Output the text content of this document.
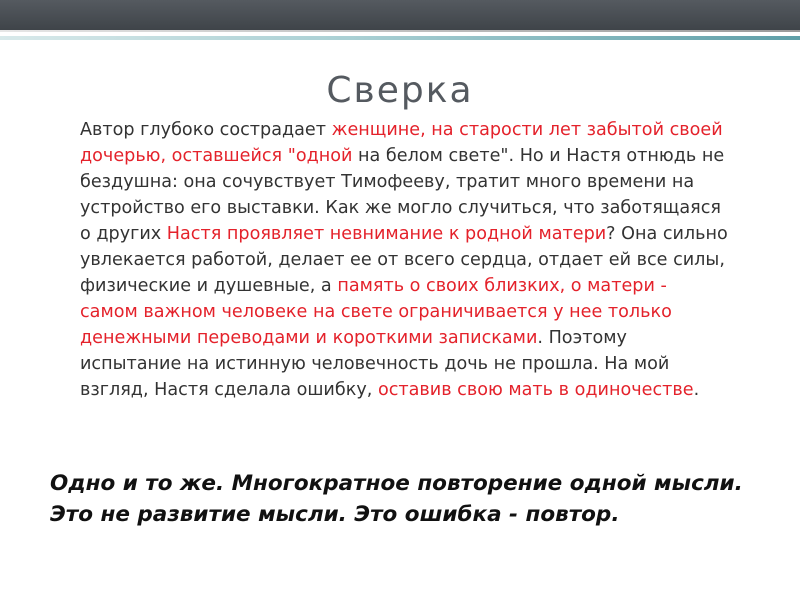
Сверка
Автор глубоко сострадает женщине, на старости лет забытой своей дочерью, оставшейся "одной на белом свете". Но и Настя отнюдь не бездушна: она сочувствует Тимофееву, тратит много времени на устройство его выставки. Как же могло случиться, что заботящаяся о других Настя проявляет невнимание к родной матери? Она сильно увлекается работой, делает ее от всего сердца, отдает ей все силы, физические и душевные, а память о своих близких, о матери - самом важном человеке на свете ограничивается у нее только денежными переводами и короткими записками. Поэтому испытание на истинную человечность дочь не прошла. На мой взгляд, Настя сделала ошибку, оставив свою мать в одиночестве.
Одно и то же. Многократное повторение одной мысли. Это не развитие мысли. Это ошибка - повтор.
